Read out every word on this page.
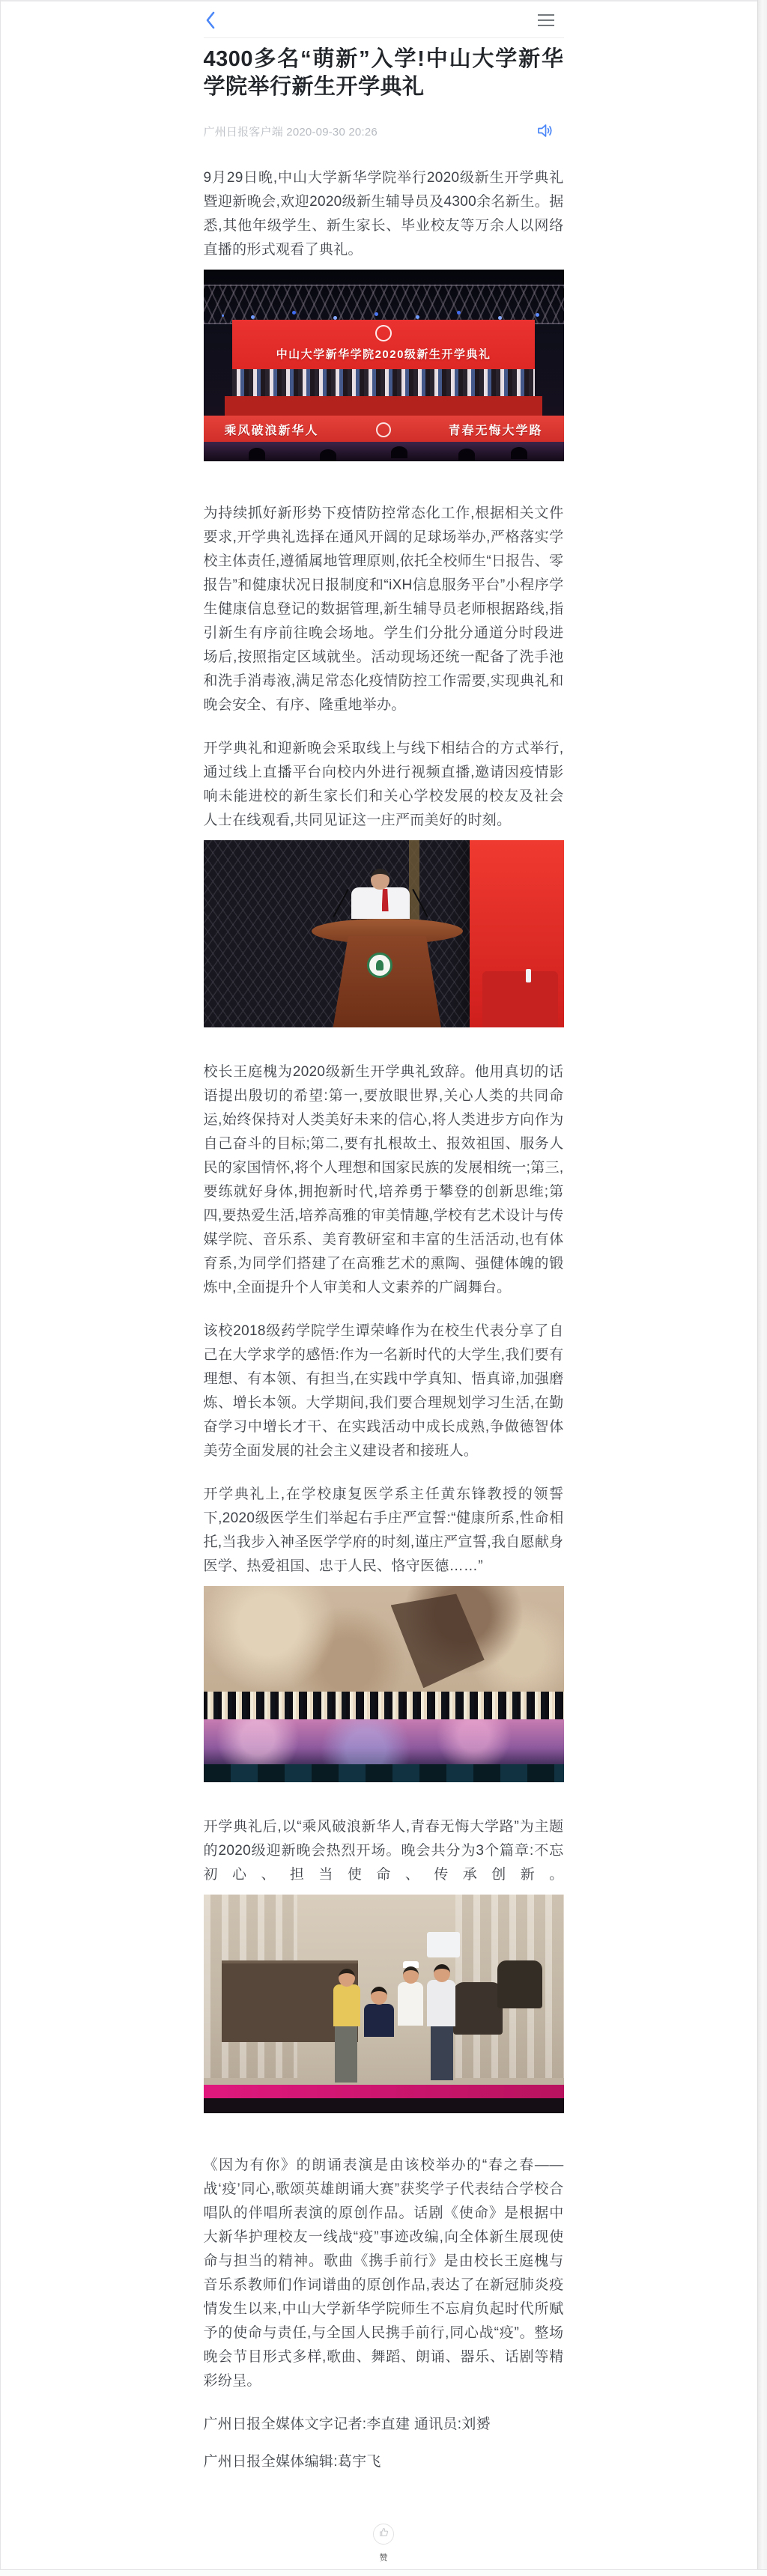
4300多名“萌新”入学!中山大学新华学院举行新生开学典礼
广州日报客户端 2020-09-30 20:26

9月29日晚,中山大学新华学院举行2020级新生开学典礼暨迎新晚会,欢迎2020级新生辅导员及4300余名新生。据悉,其他年级学生、新生家长、毕业校友等万余人以网络直播的形式观看了典礼。

中山大学新华学院2020级新生开学典礼
乘风破浪新华人	青春无悔大学路

为持续抓好新形势下疫情防控常态化工作,根据相关文件要求,开学典礼选择在通风开阔的足球场举办,严格落实学校主体责任,遵循属地管理原则,依托全校师生“日报告、零报告”和健康状况日报制度和“iXH信息服务平台”小程序学生健康信息登记的数据管理,新生辅导员老师根据路线,指引新生有序前往晚会场地。学生们分批分通道分时段进场后,按照指定区域就坐。活动现场还统一配备了洗手池和洗手消毒液,满足常态化疫情防控工作需要,实现典礼和晚会安全、有序、隆重地举办。

开学典礼和迎新晚会采取线上与线下相结合的方式举行,通过线上直播平台向校内外进行视频直播,邀请因疫情影响未能进校的新生家长们和关心学校发展的校友及社会人士在线观看,共同见证这一庄严而美好的时刻。

校长王庭槐为2020级新生开学典礼致辞。他用真切的话语提出殷切的希望:第一,要放眼世界,关心人类的共同命运,始终保持对人类美好未来的信心,将人类进步方向作为自己奋斗的目标;第二,要有扎根故土、报效祖国、服务人民的家国情怀,将个人理想和国家民族的发展相统一;第三,要练就好身体,拥抱新时代,培养勇于攀登的创新思维;第四,要热爱生活,培养高雅的审美情趣,学校有艺术设计与传媒学院、音乐系、美育教研室和丰富的生活活动,也有体育系,为同学们搭建了在高雅艺术的熏陶、强健体魄的锻炼中,全面提升个人审美和人文素养的广阔舞台。

该校2018级药学院学生谭荣峰作为在校生代表分享了自己在大学求学的感悟:作为一名新时代的大学生,我们要有理想、有本领、有担当,在实践中学真知、悟真谛,加强磨炼、增长本领。大学期间,我们要合理规划学习生活,在勤奋学习中增长才干、在实践活动中成长成熟,争做德智体美劳全面发展的社会主义建设者和接班人。

开学典礼上,在学校康复医学系主任黄东锋教授的领誓下,2020级医学生们举起右手庄严宣誓:“健康所系,性命相托,当我步入神圣医学学府的时刻,谨庄严宣誓,我自愿献身医学、热爱祖国、忠于人民、恪守医德……”

开学典礼后,以“乘风破浪新华人,青春无悔大学路”为主题的2020级迎新晚会热烈开场。晚会共分为3个篇章:不忘初心、担当使命、传承创新。

《因为有你》的朗诵表演是由该校举办的“春之春——战‘疫’同心,歌颂英雄朗诵大赛”获奖学子代表结合学校合唱队的伴唱所表演的原创作品。话剧《使命》是根据中大新华护理校友一线战“疫”事迹改编,向全体新生展现使命与担当的精神。歌曲《携手前行》是由校长王庭槐与音乐系教师们作词谱曲的原创作品,表达了在新冠肺炎疫情发生以来,中山大学新华学院师生不忘肩负起时代所赋予的使命与责任,与全国人民携手前行,同心战“疫”。整场晚会节目形式多样,歌曲、舞蹈、朗诵、器乐、话剧等精彩纷呈。

广州日报全媒体文字记者:李直建 通讯员:刘赟

广州日报全媒体编辑:葛宇飞

赞
